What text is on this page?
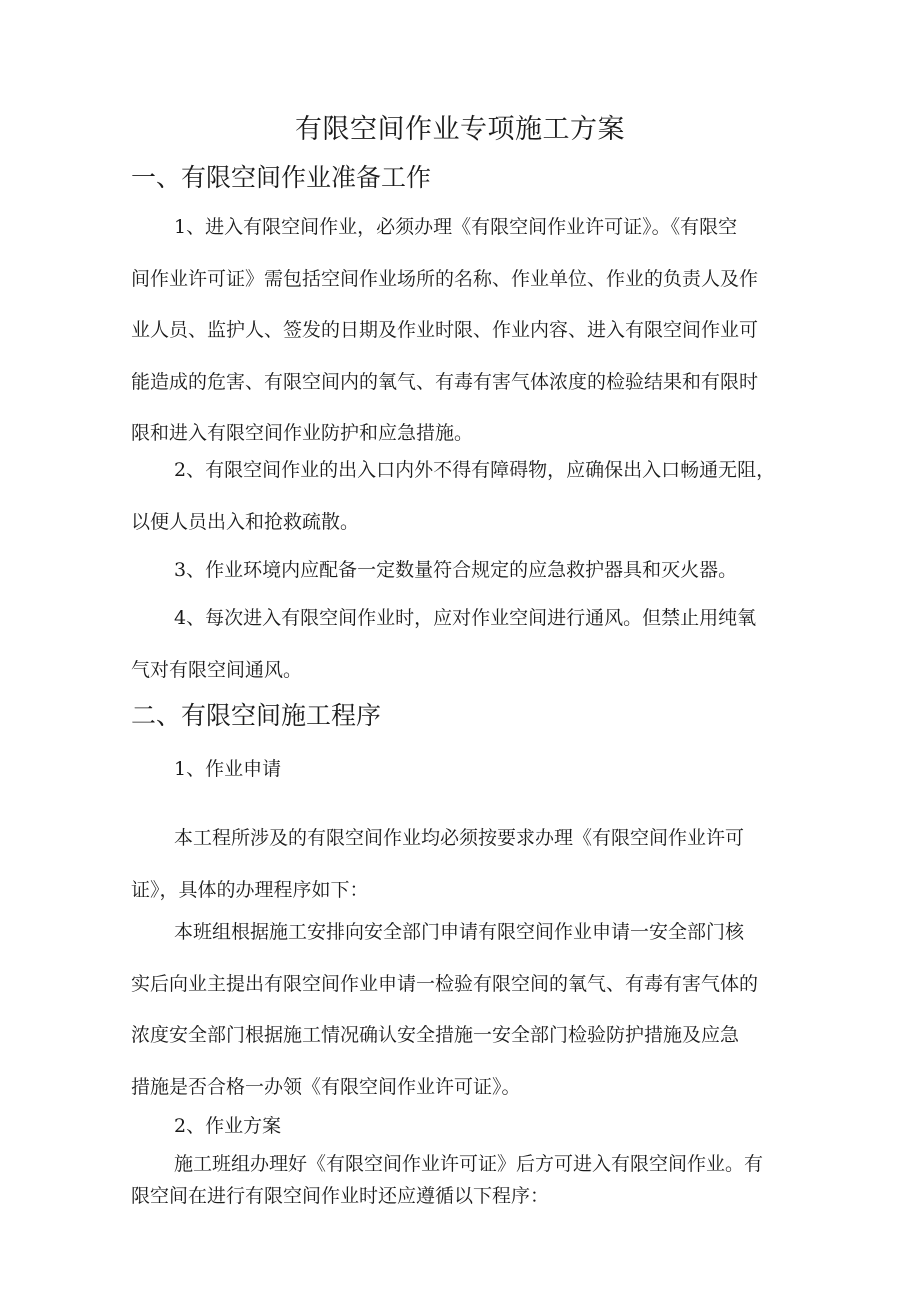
有限空间作业专项施工方案
一、有限空间作业准备工作
1、进入有限空间作业，必须办理《有限空间作业许可证》。《有限空
间作业许可证》需包括空间作业场所的名称、作业单位、作业的负责人及作
业人员、监护人、签发的日期及作业时限、作业内容、进入有限空间作业可
能造成的危害、有限空间内的氧气、有毒有害气体浓度的检验结果和有限时
限和进入有限空间作业防护和应急措施。
2、有限空间作业的出入口内外不得有障碍物，应确保出入口畅通无阻，
以便人员出入和抢救疏散。
3、作业环境内应配备一定数量符合规定的应急救护器具和灭火器。
4、每次进入有限空间作业时，应对作业空间进行通风。但禁止用纯氧
气对有限空间通风。
二、有限空间施工程序
1、作业申请
本工程所涉及的有限空间作业均必须按要求办理《有限空间作业许可
证》，具体的办理程序如下：
本班组根据施工安排向安全部门申请有限空间作业申请一安全部门核
实后向业主提出有限空间作业申请一检验有限空间的氧气、有毒有害气体的
浓度安全部门根据施工情况确认安全措施一安全部门检验防护措施及应急
措施是否合格一办领《有限空间作业许可证》。
2、作业方案
施工班组办理好《有限空间作业许可证》后方可进入有限空间作业。有
限空间在进行有限空间作业时还应遵循以下程序：
